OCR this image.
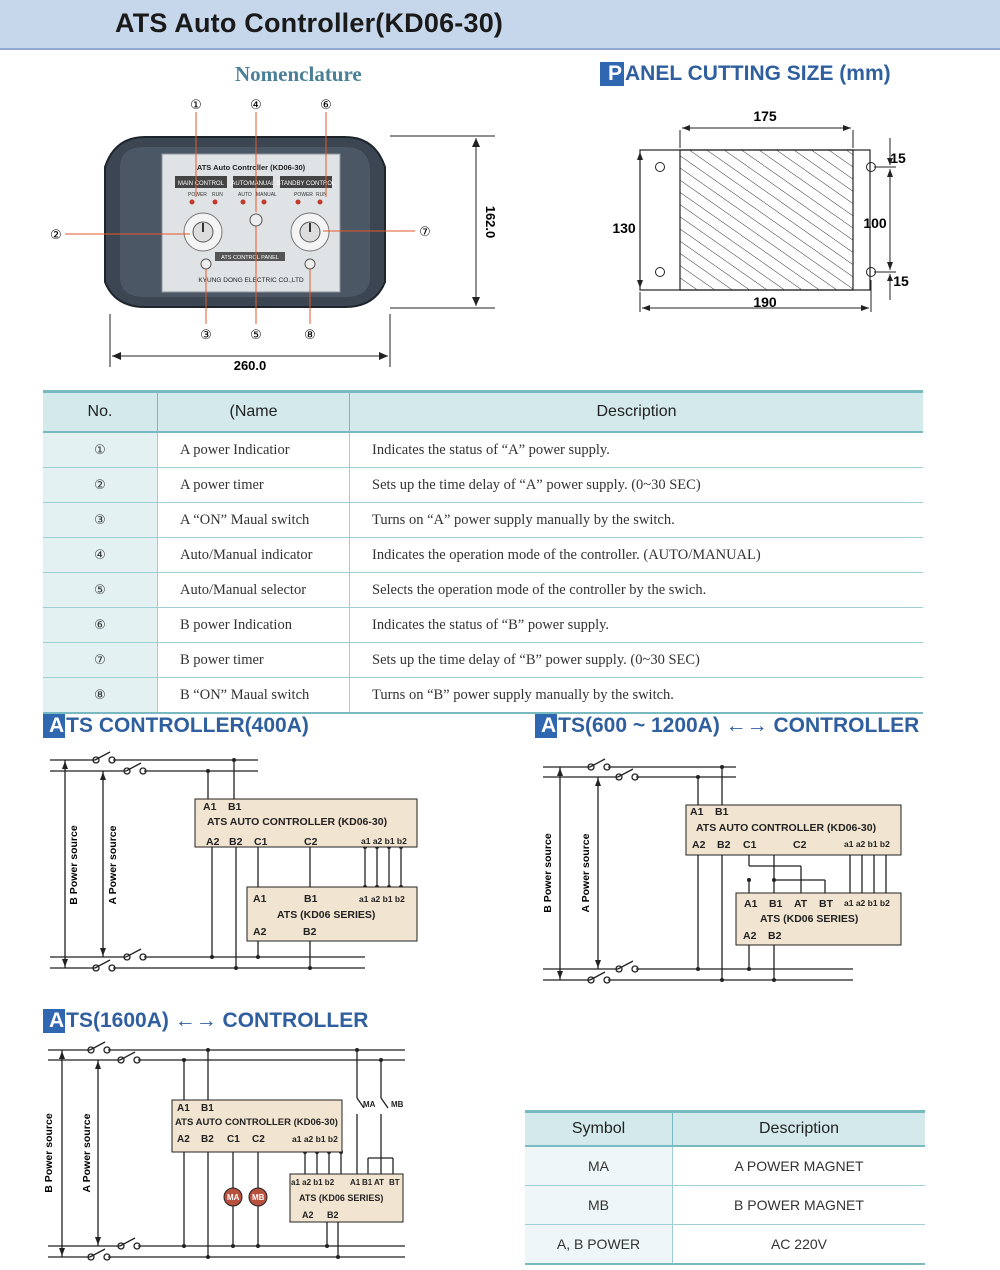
ATS Auto Controller(KD06-30)
Nomenclature
ATS Auto Controller (KD06-30)
MAIN CONTROL AUTO/MANUAL STANDBY CONTROL
POWER RUN	AUTO MANUAL	POWER RUN
ATS CONTROL PANEL
KYUNG DONG ELECTRIC CO.,LTD
①	④	⑥
②	⑦
③	⑤	⑧
162.0
260.0
P ANEL CUTTING SIZE (mm)
175
190
130	100
15
15
No.	(Name	Description
①	A power Indicatior	Indicates the status of “A” power supply.
②	A power timer	Sets up the time delay of “A” power supply. (0~30 SEC)
③	A “ON” Maual switch	Turns on “A” power supply manually by the switch.
④	Auto/Manual indicator	Indicates the operation mode of the controller. (AUTO/MANUAL)
⑤	Auto/Manual selector	Selects the operation mode of the controller by the swich.
⑥	B power Indication	Indicates the status of “B” power supply.
⑦	B power timer	Sets up the time delay of “B” power supply. (0~30 SEC)
⑧	B “ON” Maual switch	Turns on “B” power supply manually by the switch.
ATS CONTROLLER(400A)	ATS(600 ~ 1200A) ←→ CONTROLLER
ATS(1600A) ←→ CONTROLLER
A1 B1
ATS AUTO CONTROLLER (KD06-30)
A2 B2 C1	C2	a1 a2 b1 b2
A1	B1	a1 a2 b1 b2
ATS (KD06 SERIES)
A2	B2
B Power source	A Power source
A1 B1
ATS AUTO CONTROLLER (KD06-30)
A2 B2 C1	C2	a1 a2 b1 b2
A1 B1 AT BT a1 a2 b1 b2
ATS (KD06 SERIES)
A2 B2
B Power source A Power source
A1 B1
ATS AUTO CONTROLLER (KD06-30)
A2 B2 C1 C2	a1 a2 b1 b2
MA MB
a1 a2 b1 b2 A1 B1 AT BT
ATS (KD06 SERIES)
A2 B2
MA MB
B Power source A Power source	Symbol	Description
MA	A POWER MAGNET
MB	B POWER MAGNET
A, B POWER	AC 220V
